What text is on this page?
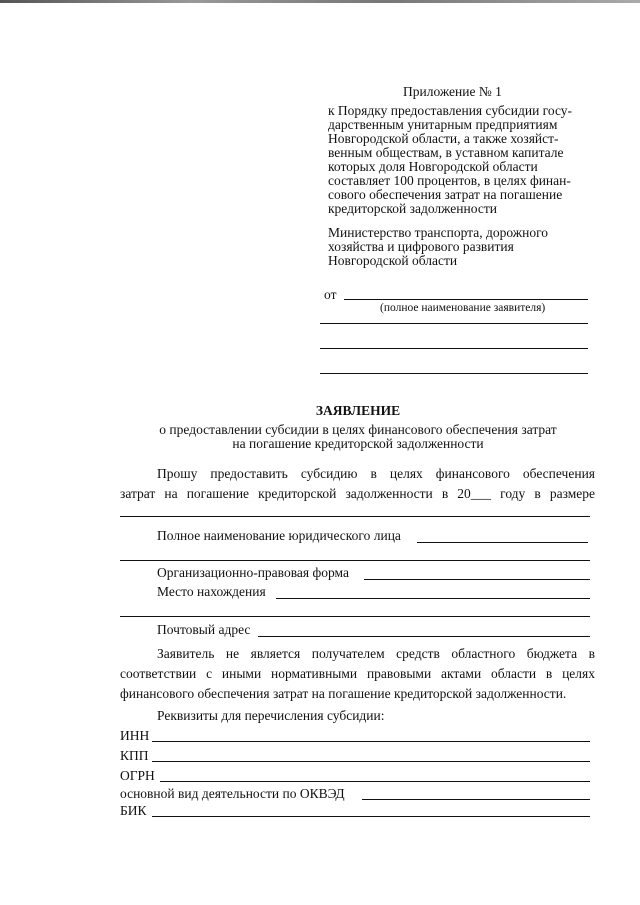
Приложение № 1
к Порядку предоставления субсидии госу-
дарственным унитарным предприятиям
Новгородской области, а также хозяйст-
венным обществам, в уставном капитале
которых доля Новгородской области
составляет 100 процентов, в целях финан-
сового обеспечения затрат на погашение
кредиторской задолженности
Министерство транспорта, дорожного
хозяйства и цифрового развития
Новгородской области
от
(полное наименование заявителя)
ЗАЯВЛЕНИЕ
о предоставлении субсидии в целях финансового обеспечения затрат
на погашение кредиторской задолженности
Прошу предоставить субсидию в целях финансового обеспечения
затрат на погашение кредиторской задолженности в 20___ году в размере
Полное наименование юридического лица
Организационно-правовая форма
Место нахождения
Почтовый адрес
Заявитель не является получателем средств областного бюджета в
соответствии с иными нормативными правовыми актами области в целях
финансового обеспечения затрат на погашение кредиторской задолженности.
Реквизиты для перечисления субсидии:
ИНН
КПП
ОГРН
основной вид деятельности по ОКВЭД
БИК
